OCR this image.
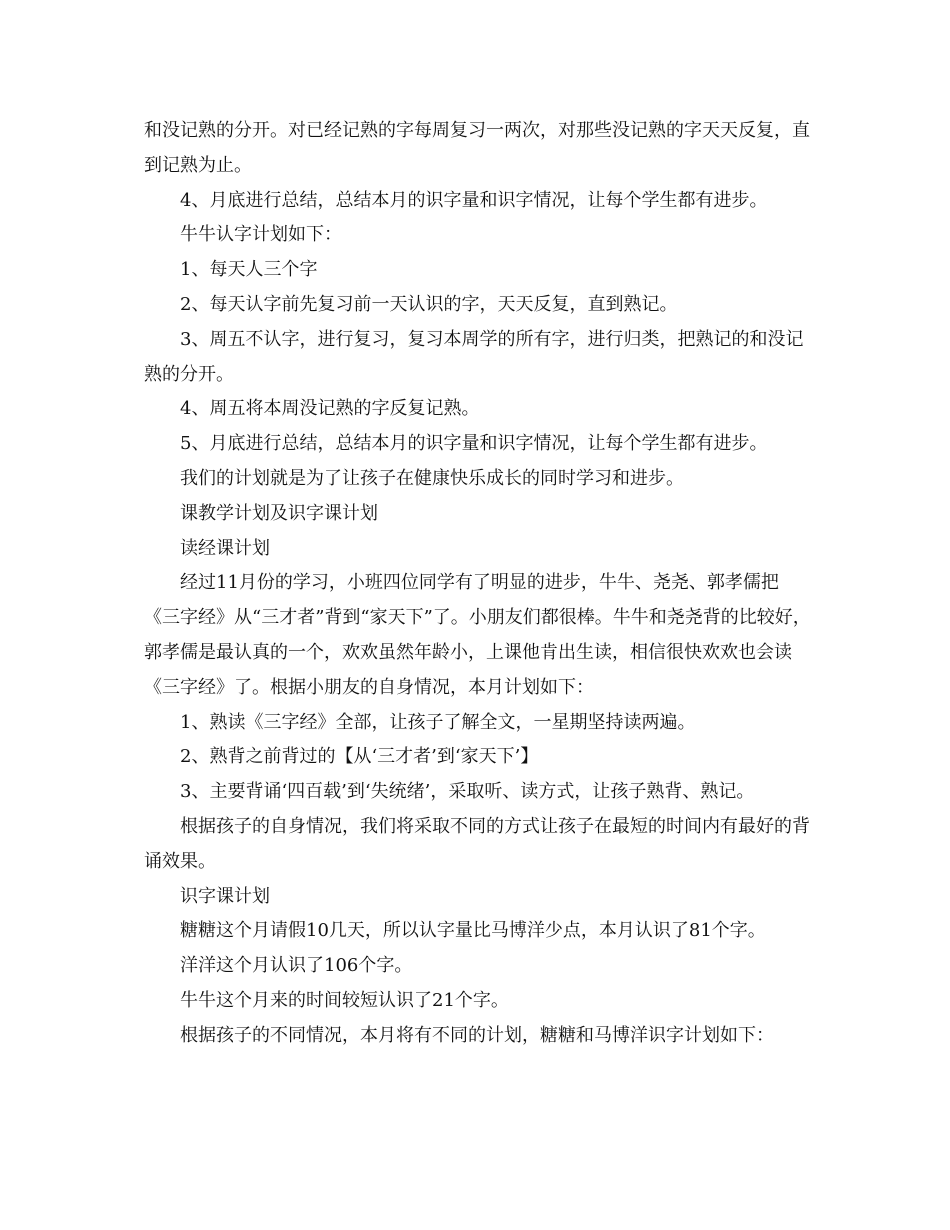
和没记熟的分开。对已经记熟的字每周复习一两次，对那些没记熟的字天天反复，直到记熟为止。

4、月底进行总结，总结本月的识字量和识字情况，让每个学生都有进步。

牛牛认字计划如下：

1、每天人三个字

2、每天认字前先复习前一天认识的字，天天反复，直到熟记。

3、周五不认字，进行复习，复习本周学的所有字，进行归类，把熟记的和没记熟的分开。

4、周五将本周没记熟的字反复记熟。

5、月底进行总结，总结本月的识字量和识字情况，让每个学生都有进步。

我们的计划就是为了让孩子在健康快乐成长的同时学习和进步。

课教学计划及识字课计划

读经课计划

经过11月份的学习，小班四位同学有了明显的进步，牛牛、尧尧、郭孝儒把《三字经》从“三才者”背到“家天下”了。小朋友们都很棒。牛牛和尧尧背的比较好，郭孝儒是最认真的一个，欢欢虽然年龄小，上课他肯出生读，相信很快欢欢也会读《三字经》了。根据小朋友的自身情况，本月计划如下：

1、熟读《三字经》全部，让孩子了解全文，一星期坚持读两遍。

2、熟背之前背过的【从‘三才者’到‘家天下’】

3、主要背诵‘四百载’到‘失统绪’，采取听、读方式，让孩子熟背、熟记。

根据孩子的自身情况，我们将采取不同的方式让孩子在最短的时间内有最好的背诵效果。

识字课计划

糖糖这个月请假10几天，所以认字量比马博洋少点，本月认识了81个字。

洋洋这个月认识了106个字。

牛牛这个月来的时间较短认识了21个字。

根据孩子的不同情况，本月将有不同的计划，糖糖和马博洋识字计划如下：
